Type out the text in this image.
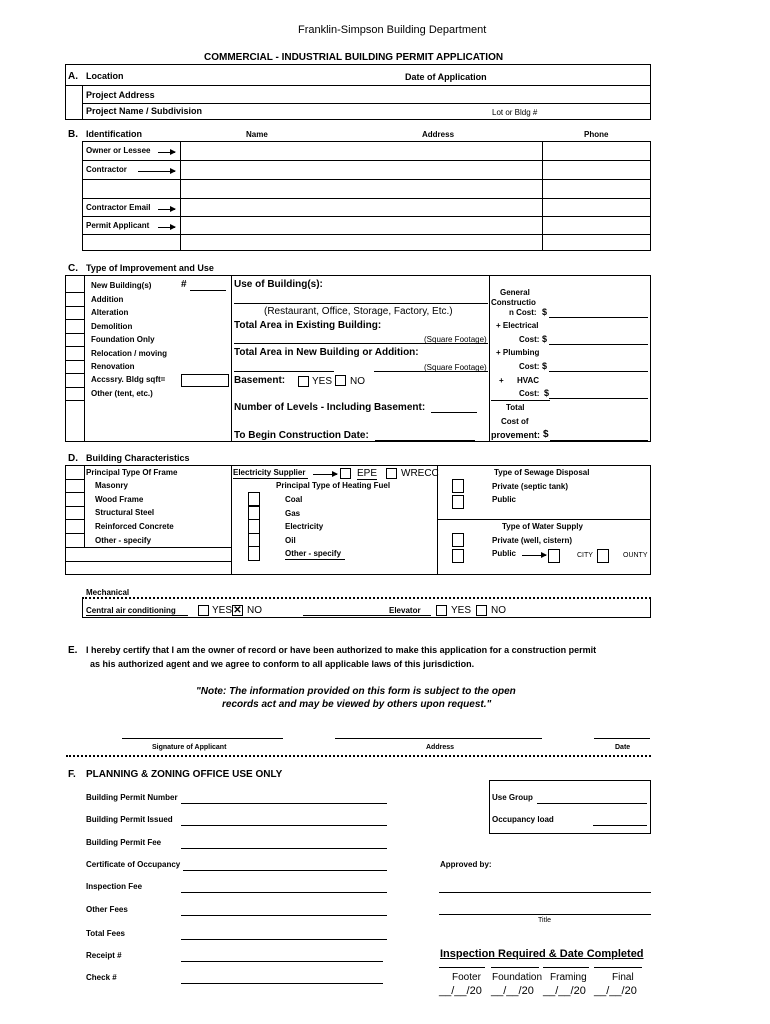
Franklin-Simpson Building Department
COMMERCIAL - INDUSTRIAL BUILDING PERMIT APPLICATION
A. Location	Date of Application
Project Address
Project Name / Subdivision	Lot or Bldg #
B. Identification	Name	Address	Phone
Owner or Lessee
Contractor
Contractor Email
Permit Applicant
C. Type of Improvement and Use
New Building(s)	#
Addition
Alteration
Demolition
Foundation Only
Relocation / moving
Renovation
Accssry. Bldg sqft=
Other (tent, etc.)
Use of Building(s):
(Restaurant, Office, Storage, Factory, Etc.)
Total Area in Existing Building:
(Square Footage)
Total Area in New Building or Addition:
(Square Footage)
Basement:	YES NO
Number of Levels - Including Basement:
To Begin Construction Date:
General
Constructio
n Cost: $
+ Electrical
Cost: $
+ Plumbing
Cost: $
+ HVAC
Cost: $
Total
Cost of
provement: $
D. Building Characteristics
Principal Type Of Frame
Masonry
Wood Frame
Structural Steel
Reinforced Concrete
Other - specify
Electricity Supplier	EPE WRECC
Principal Type of Heating Fuel
Coal
Gas
Electricity
Oil
Other - specify
Type of Sewage Disposal
Private (septic tank)
Public
Type of Water Supply
Private (well, cistern)
Public	CITY	OUNTY
Mechanical
Central air conditioning	YES ✕ NO	Elevator	YES NO
E. I hereby certify that I am the owner of record or have been authorized to make this application for a construction permit
as his authorized agent and we agree to conform to all applicable laws of this jurisdiction.
"Note: The information provided on this form is subject to the open
records act and may be viewed by others upon request."
Signature of Applicant	Address	Date
F. PLANNING & ZONING OFFICE USE ONLY
Building Permit Number
Building Permit Issued
Building Permit Fee
Certificate of Occupancy
Inspection Fee
Other Fees
Total Fees
Receipt #
Check #
Use Group
Occupancy load
Approved by:
Title
Inspection Required & Date Completed
Footer Foundation Framing	Final
__/__/20 __/__/20 __/__/20 __/__/20
